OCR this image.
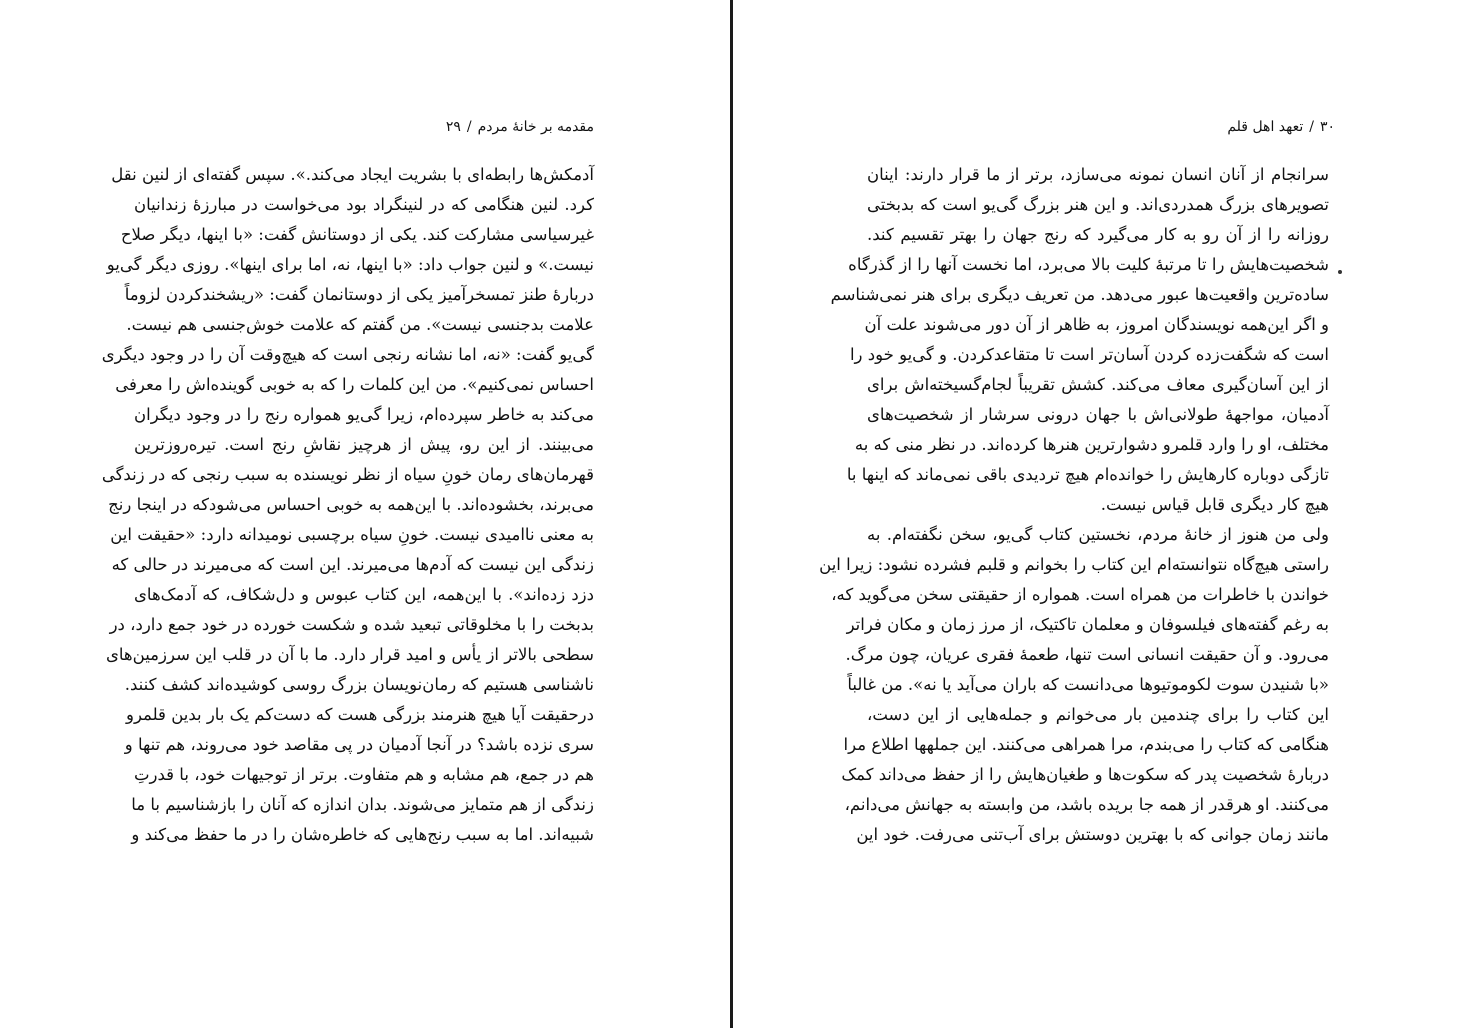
مقدمه بر خانهٔ مردم/۲۹
آدمکش‌ها رابطه‌ای با بشریت ایجاد می‌کند.». سپس گفته‌ای از لنین نقل
کرد. لنین هنگامی که در لنینگراد بود می‌خواست در مبارزهٔ زندانیان
غیرسیاسی مشارکت کند. یکی از دوستانش گفت: «با اینها، دیگر صلاح
نیست.» و لنین جواب داد: «با اینها، نه، اما برای اینها». روزی دیگر گی‌یو
دربارهٔ طنز تمسخرآمیز یکی از دوستانمان گفت: «ریشخندکردن لزوماً
علامت بدجنسی نیست». من گفتم که علامت خوش‌جنسی هم نیست.
گی‌یو گفت: «نه، اما نشانه رنجی است که هیچ‌وقت آن را در وجود دیگری
احساس نمی‌کنیم». من این کلمات را که به خوبی گوینده‌اش را معرفی
می‌کند به خاطر سپرده‌ام، زیرا گی‌یو همواره رنج را در وجود دیگران
می‌بینند. از این رو، پیش از هرچیز نقاشِ رنج است. تیره‌روزترین
قهرمان‌های رمان خونِ سیاه از نظر نویسنده به سبب رنجی که در زندگی
می‌برند، بخشوده‌اند. با این‌همه به خوبی احساس می‌شودکه در اینجا رنج
به معنی ناامیدی نیست. خونِ سیاه برچسبی نومیدانه دارد: «حقیقت این
زندگی این نیست که آدم‌ها می‌میرند. این است که می‌میرند در حالی که
دزد زده‌اند». با این‌همه، این کتاب عبوس و دل‌شکاف، که آدمک‌های
بدبخت را با مخلوقاتی تبعید شده و شکست خورده در خود جمع دارد، در
سطحی بالاتر از یأس و امید قرار دارد. ما با آن در قلب این سرزمین‌های
ناشناسی هستیم که رمان‌نویسان بزرگ روسی کوشیده‌اند کشف کنند.
درحقیقت آیا هیچ هنرمند بزرگی هست که دست‌کم یک بار بدین قلمرو
سری نزده باشد؟ در آنجا آدمیان در پی مقاصد خود می‌روند، هم تنها و
هم در جمع، هم مشابه و هم متفاوت. برتر از توجیهات خود، با قدرتِ
زندگی از هم متمایز می‌شوند. بدان اندازه که آنان را بازشناسیم با ما
شبیه‌اند. اما به سبب رنج‌هایی که خاطره‌شان را در ما حفظ می‌کند و
۳۰/تعهد اهل قلم
سرانجام از آنان انسان نمونه می‌سازد، برتر از ما قرار دارند: اینان
تصویرهای بزرگ همدردی‌اند. و این هنر بزرگ گی‌یو است که بدبختی
روزانه را از آن رو به کار می‌گیرد که رنج جهان را بهتر تقسیم کند.
شخصیت‌هایش را تا مرتبهٔ کلیت بالا می‌برد، اما نخست آنها را از گذرگاه
ساده‌ترین واقعیت‌ها عبور می‌دهد. من تعریف دیگری برای هنر نمی‌شناسم
و اگر این‌همه نویسندگان امروز، به ظاهر از آن دور می‌شوند علت آن
است که شگفت‌زده کردن آسان‌تر است تا متقاعدکردن. و گی‌یو خود را
از این آسان‌گیری معاف می‌کند. کشش تقریباً لجام‌گسیخته‌اش برای
آدمیان، مواجههٔ طولانی‌اش با جهان درونی سرشار از شخصیت‌های
مختلف، او را وارد قلمرو دشوارترین هنرها کرده‌اند. در نظر منی که به
تازگی دوباره کارهایش را خوانده‌ام هیچ تردیدی باقی نمی‌ماند که اینها با
هیچ کار دیگری قابل قیاس نیست.
ولی من هنوز از خانهٔ مردم، نخستین کتاب گی‌یو، سخن نگفته‌ام. به
راستی هیچ‌گاه نتوانسته‌ام این کتاب را بخوانم و قلبم فشرده نشود: زیرا این
خواندن با خاطرات من همراه است. همواره از حقیقتی سخن می‌گوید که،
به رغم گفته‌های فیلسوفان و معلمان تاکتیک، از مرز زمان و مکان فراتر
می‌رود. و آن حقیقت انسانی است تنها، طعمهٔ فقری عریان، چون مرگ.
«با شنیدن سوت لکوموتیوها می‌دانست که باران می‌آید یا نه». من غالباً
این کتاب را برای چندمین بار می‌خوانم و جمله‌هایی از این دست،
هنگامی که کتاب را می‌بندم، مرا همراهی می‌کنند. این جملهها اطلاع مرا
دربارهٔ شخصیت پدر که سکوت‌ها و طغیان‌هایش را از حفظ می‌داند کمک
می‌کنند. او هرقدر از همه جا بریده باشد، من وابسته به جهانش می‌دانم،
مانند زمان جوانی که با بهترین دوستش برای آب‌تنی می‌رفت. خود این
